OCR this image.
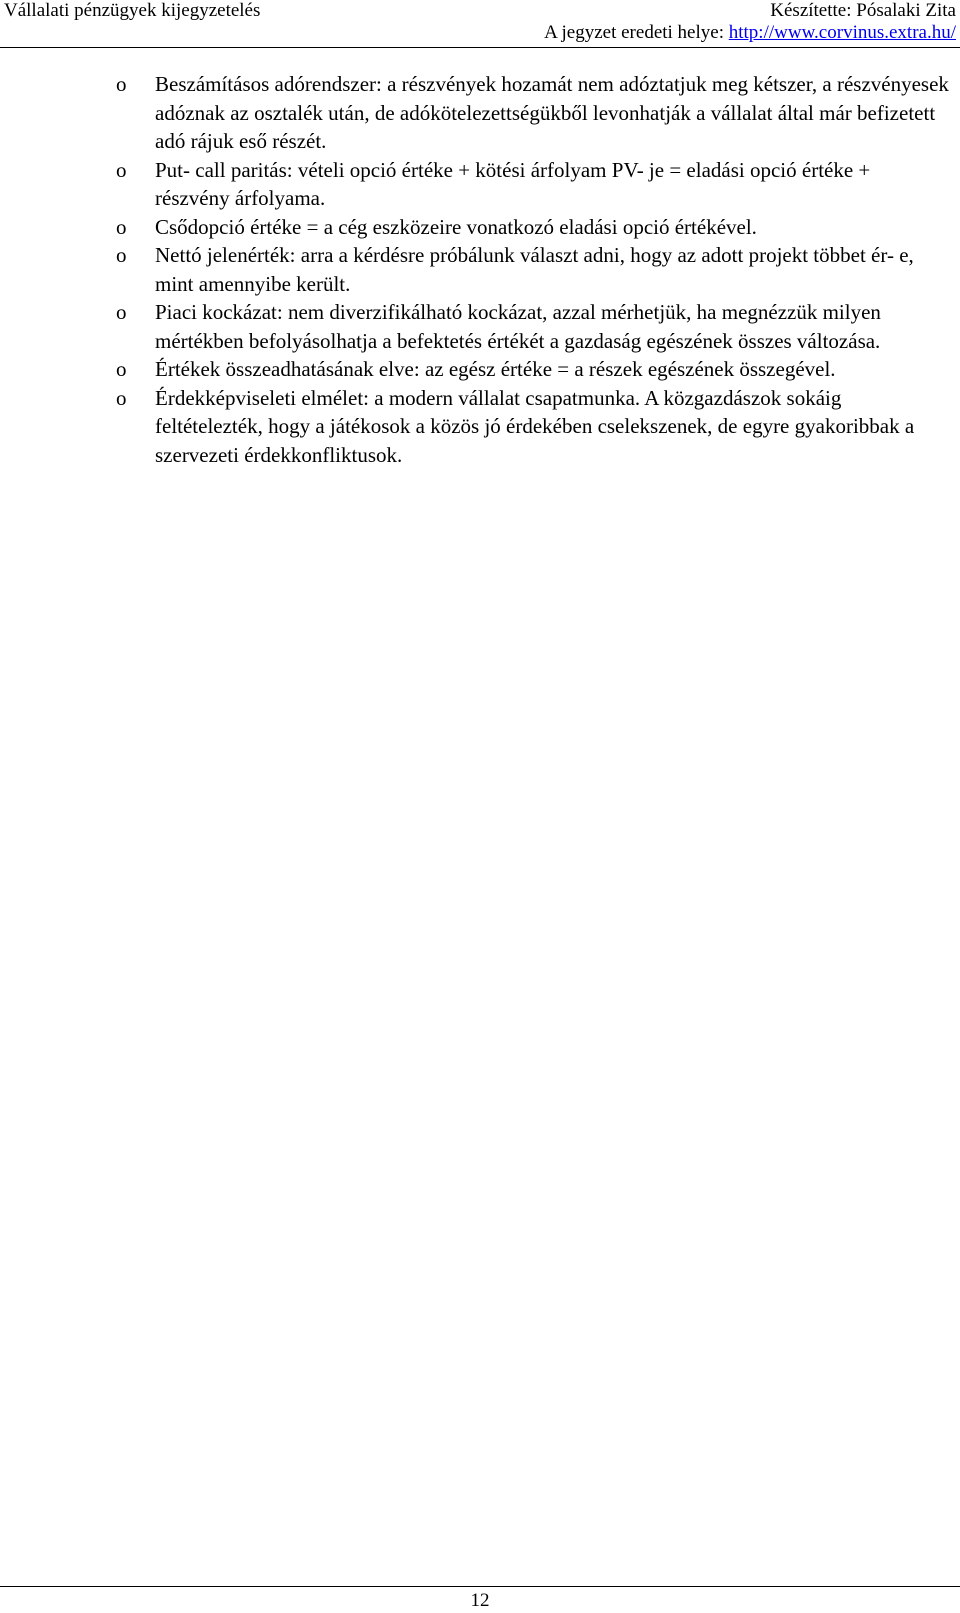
Vállalati pénzügyek kijegyzetelés	Készítette: Pósalaki Zita
A jegyzet eredeti helye: http://www.corvinus.extra.hu/
o	Beszámításos adórendszer: a részvények hozamát nem adóztatjuk meg kétszer, a részvényesek adóznak az osztalék után, de adókötelezettségükből levonhatják a vállalat által már befizetett adó rájuk eső részét.
o	Put- call paritás: vételi opció értéke + kötési árfolyam PV- je = eladási opció értéke + részvény árfolyama.
o	Csődopció értéke = a cég eszközeire vonatkozó eladási opció értékével.
o	Nettó jelenérték: arra a kérdésre próbálunk választ adni, hogy az adott projekt többet ér- e, mint amennyibe került.
o	Piaci kockázat: nem diverzifikálható kockázat, azzal mérhetjük, ha megnézzük milyen mértékben befolyásolhatja a befektetés értékét a gazdaság egészének összes változása.
o	Értékek összeadhatásának elve: az egész értéke = a részek egészének összegével.
o	Érdekképviseleti elmélet: a modern vállalat csapatmunka. A közgazdászok sokáig feltételezték, hogy a játékosok a közös jó érdekében cselekszenek, de egyre gyakoribbak a szervezeti érdekkonfliktusok.
12
